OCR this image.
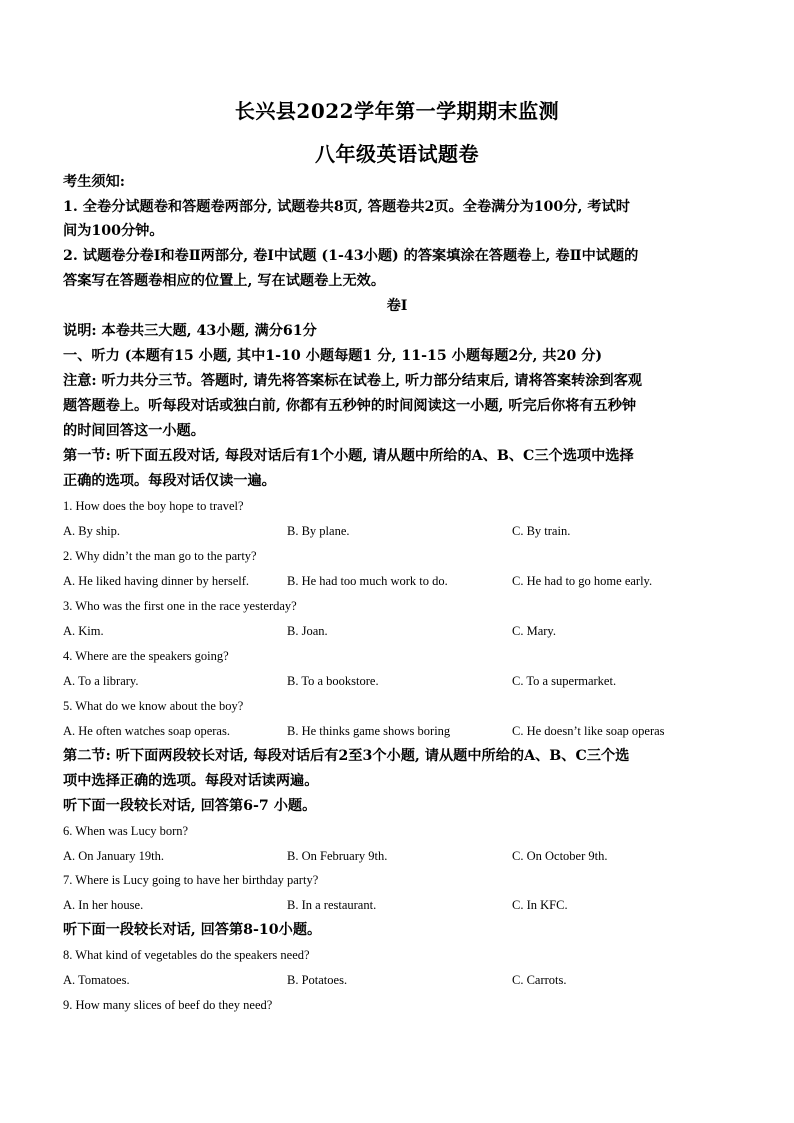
长兴县2022学年第一学期期末监测
八年级英语试题卷
考生须知:
1. 全卷分试题卷和答题卷两部分, 试题卷共8页, 答题卷共2页。全卷满分为100分, 考试时
间为100分钟。
2. 试题卷分卷Ⅰ和卷Ⅱ两部分, 卷Ⅰ中试题 (1-43小题) 的答案填涂在答题卷上, 卷Ⅱ中试题的
答案写在答题卷相应的位置上, 写在试题卷上无效。
卷Ⅰ
说明: 本卷共三大题, 43小题, 满分61分
一、听力 (本题有15 小题, 其中1-10 小题每题1 分, 11-15 小题每题2分, 共20 分)
注意: 听力共分三节。答题时, 请先将答案标在试卷上, 听力部分结束后, 请将答案转涂到客观
题答题卷上。听每段对话或独白前, 你都有五秒钟的时间阅读这一小题, 听完后你将有五秒钟
的时间回答这一小题。
第一节: 听下面五段对话, 每段对话后有1个小题, 请从题中所给的A、B、C三个选项中选择
正确的选项。每段对话仅读一遍。
1. How does the boy hope to travel?
A. By ship.	B. By plane.	C. By train.
2. Why didn’t the man go to the party?
A. He liked having dinner by herself.	B. He had too much work to do.	C. He had to go home early.
3. Who was the first one in the race yesterday?
A. Kim.	B. Joan.	C. Mary.
4. Where are the speakers going?
A. To a library.	B. To a bookstore.	C. To a supermarket.
5. What do we know about the boy?
A. He often watches soap operas.	B. He thinks game shows boring	C. He doesn’t like soap operas
第二节: 听下面两段较长对话, 每段对话后有2至3个小题, 请从题中所给的A、B、C三个选
项中选择正确的选项。每段对话读两遍。
听下面一段较长对话, 回答第6-7 小题。
6. When was Lucy born?
A. On January 19th.	B. On February 9th.	C. On October 9th.
7. Where is Lucy going to have her birthday party?
A. In her house.	B. In a restaurant.	C. In KFC.
听下面一段较长对话, 回答第8-10小题。
8. What kind of vegetables do the speakers need?
A. Tomatoes.	B. Potatoes.	C. Carrots.
9. How many slices of beef do they need?
